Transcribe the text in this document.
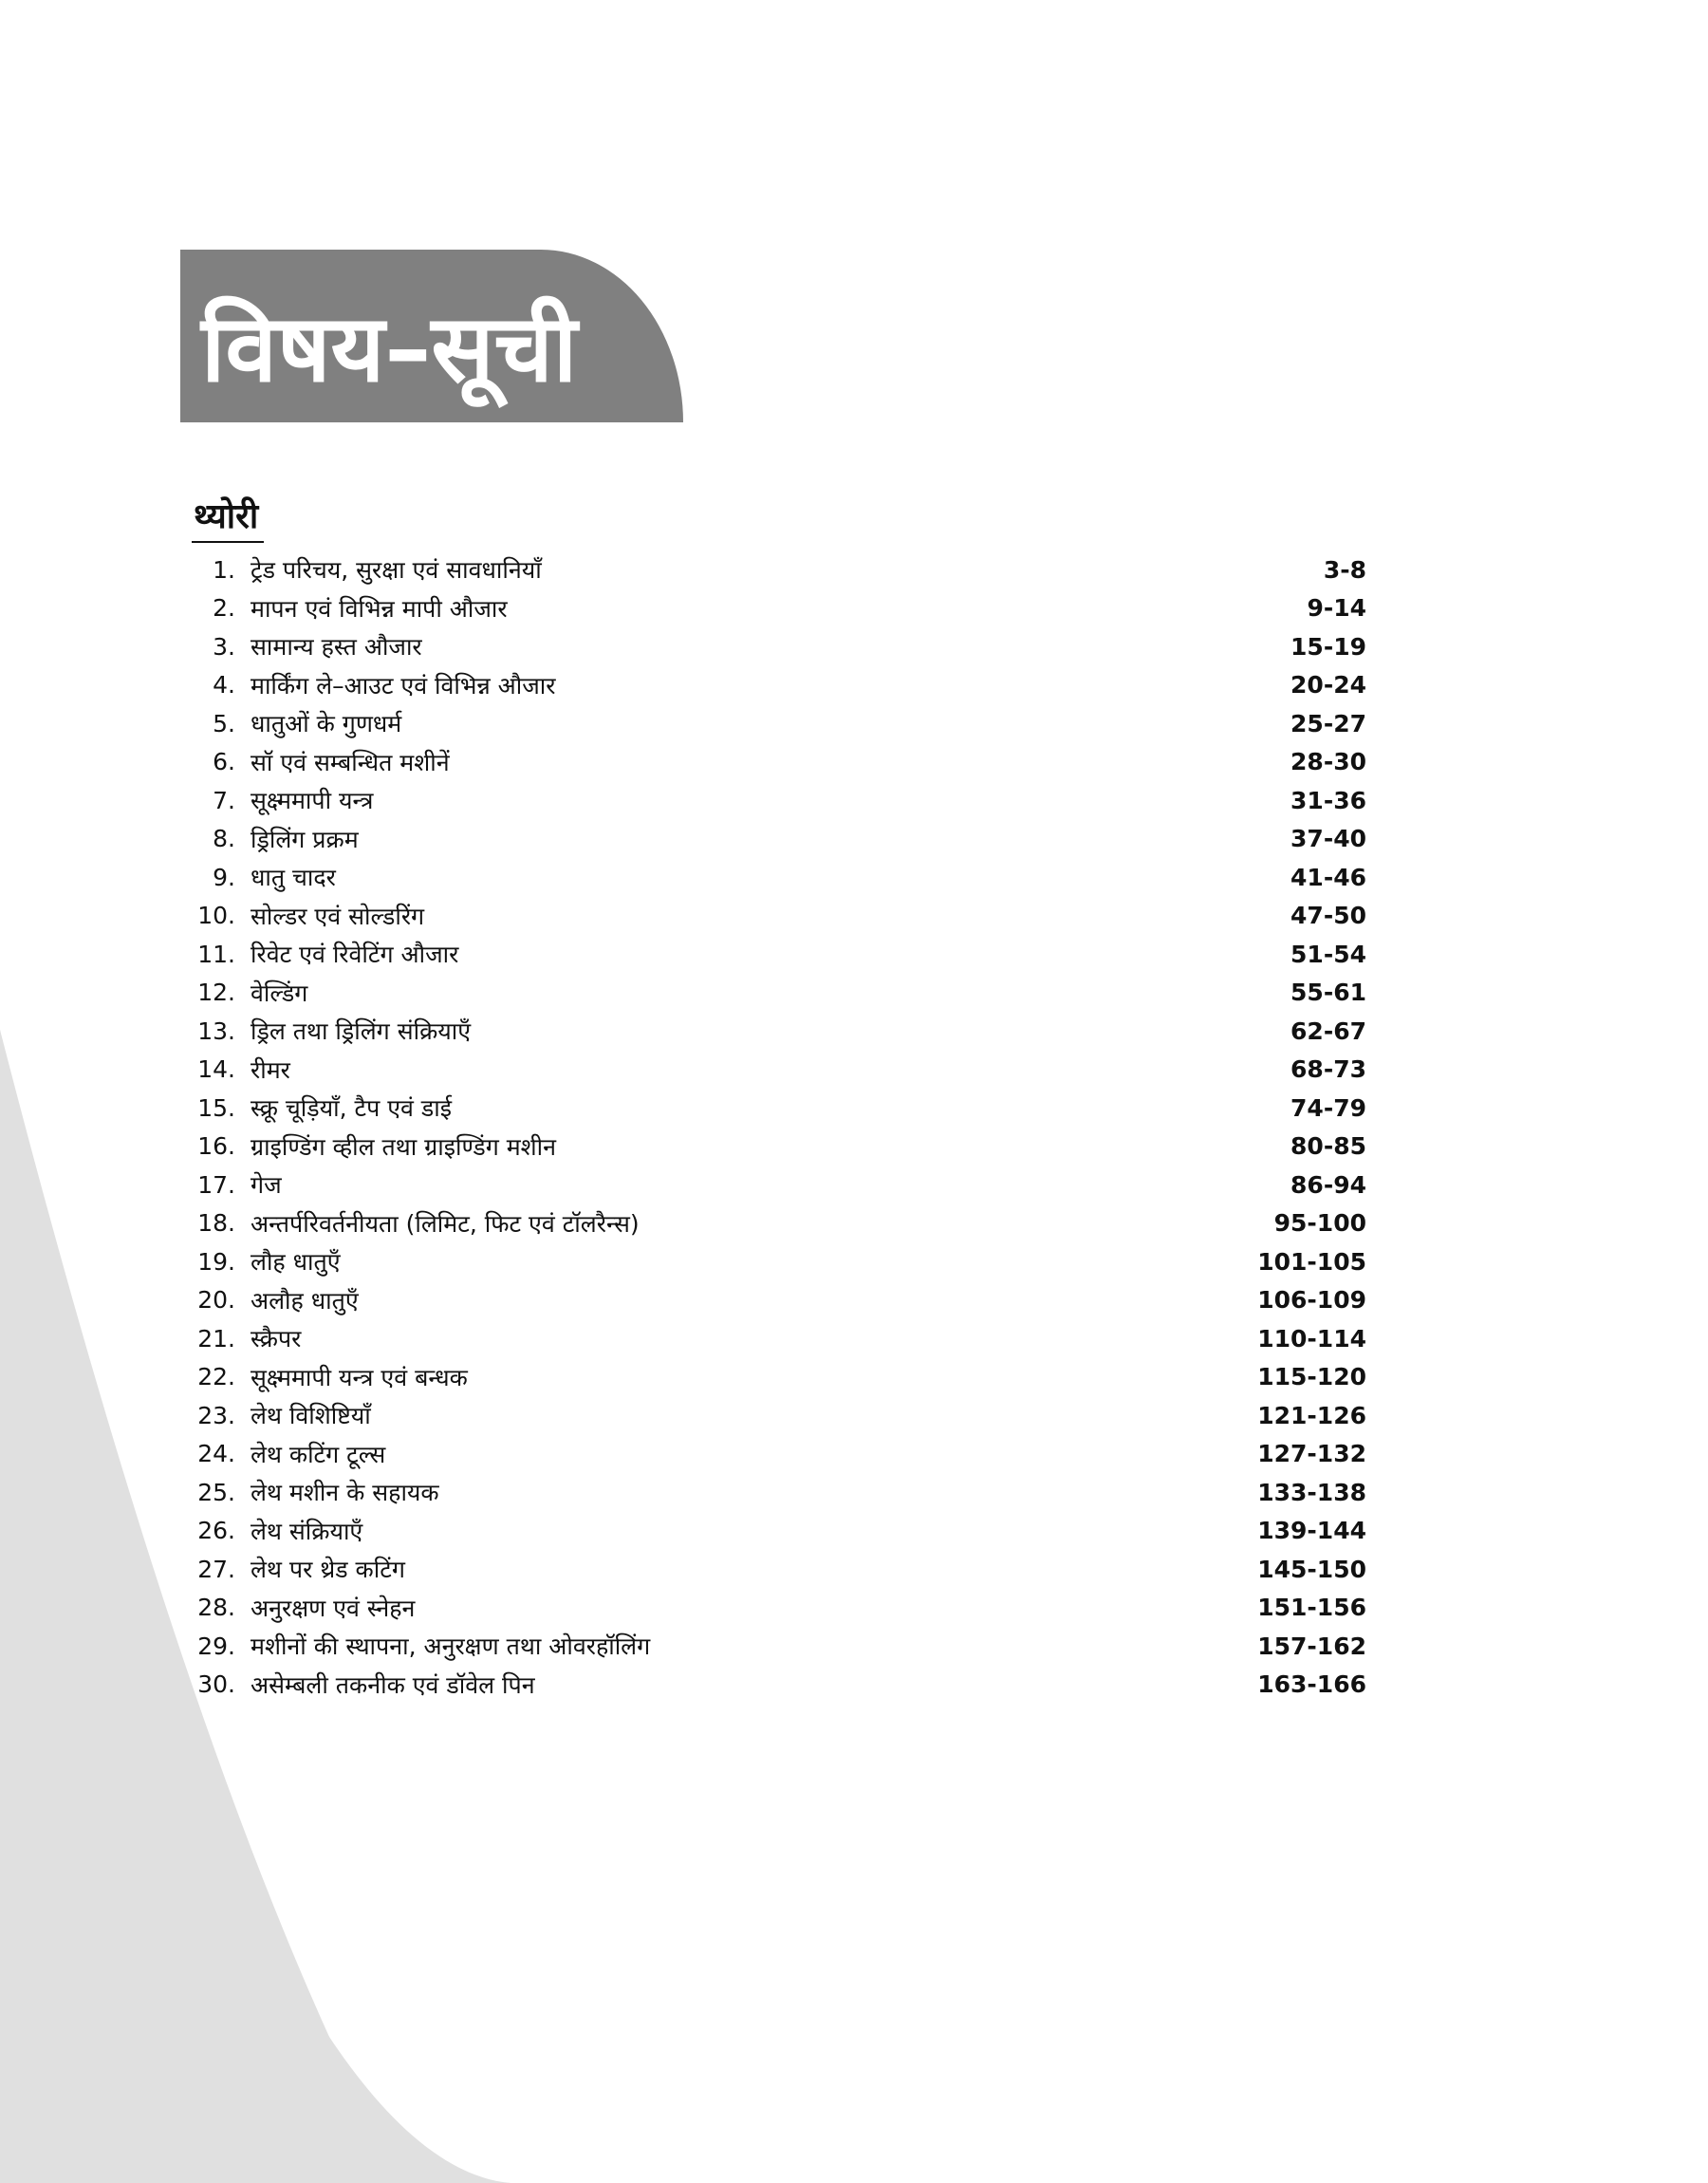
विषय–सूची
थ्योरी
1. ट्रेड परिचय, सुरक्षा एवं सावधानियाँ	3-8
2. मापन एवं विभिन्न मापी औजार	9-14
3. सामान्य हस्त औजार	15-19
4. मार्किंग ले–आउट एवं विभिन्न औजार	20-24
5. धातुओं के गुणधर्म	25-27
6. सॉ एवं सम्बन्धित मशीनें	28-30
7. सूक्ष्ममापी यन्त्र	31-36
8. ड्रिलिंग प्रक्रम	37-40
9. धातु चादर	41-46
10. सोल्डर एवं सोल्डरिंग	47-50
11. रिवेट एवं रिवेटिंग औजार	51-54
12. वेल्डिंग	55-61
13. ड्रिल तथा ड्रिलिंग संक्रियाएँ	62-67
14. रीमर	68-73
15. स्क्रू चूड़ियाँ, टैप एवं डाई	74-79
16. ग्राइण्डिंग व्हील तथा ग्राइण्डिंग मशीन	80-85
17. गेज	86-94
18. अन्तर्परिवर्तनीयता (लिमिट, फिट एवं टॉलरैन्स)	95-100
19. लौह धातुएँ	101-105
20. अलौह धातुएँ	106-109
21. स्क्रैपर	110-114
22. सूक्ष्ममापी यन्त्र एवं बन्धक	115-120
23. लेथ विशिष्टियाँ	121-126
24. लेथ कटिंग टूल्स	127-132
25. लेथ मशीन के सहायक	133-138
26. लेथ संक्रियाएँ	139-144
27. लेथ पर थ्रेड कटिंग	145-150
28. अनुरक्षण एवं स्नेहन	151-156
29. मशीनों की स्थापना, अनुरक्षण तथा ओवरहॉलिंग	157-162
30. असेम्बली तकनीक एवं डॉवेल पिन	163-166
